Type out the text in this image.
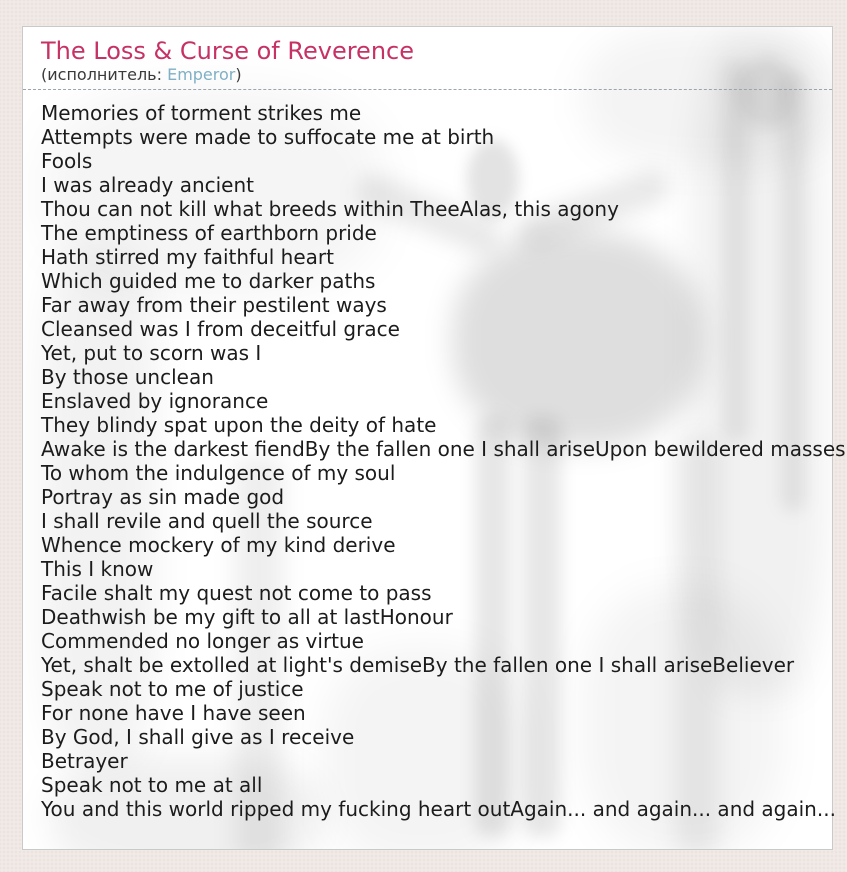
The Loss & Curse of Reverence
(исполнитель: Emperor)
Memories of torment strikes me
Attempts were made to suffocate me at birth
Fools
I was already ancient
Thou can not kill what breeds within TheeAlas, this agony
The emptiness of earthborn pride
Hath stirred my faithful heart
Which guided me to darker paths
Far away from their pestilent ways
Cleansed was I from deceitful grace
Yet, put to scorn was I
By those unclean
Enslaved by ignorance
They blindy spat upon the deity of hate
Awake is the darkest fiendBy the fallen one I shall ariseUpon bewildered masses
To whom the indulgence of my soul
Portray as sin made god
I shall revile and quell the source
Whence mockery of my kind derive
This I know
Facile shalt my quest not come to pass
Deathwish be my gift to all at lastHonour
Commended no longer as virtue
Yet, shalt be extolled at light's demiseBy the fallen one I shall ariseBeliever
Speak not to me of justice
For none have I have seen
By God, I shall give as I receive
Betrayer
Speak not to me at all
You and this world ripped my fucking heart outAgain... and again... and again...
